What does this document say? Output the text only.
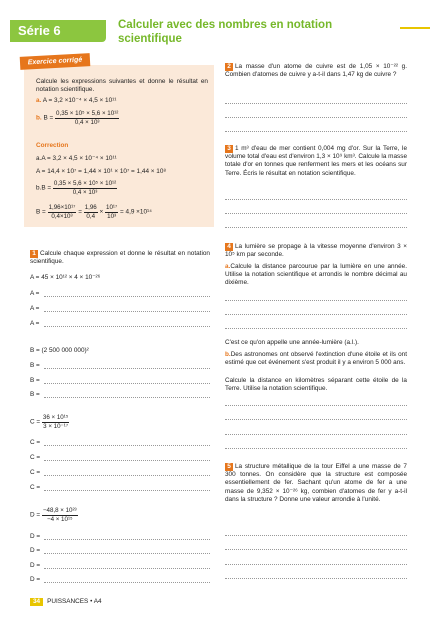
Série 6	Calculer avec des nombres en notation scientifique
Exercice corrigé
Calcule les expressions suivantes et donne le résultat en notation scientifique.
a. A = 3,2 ×10⁻⁴ × 4,5 × 10¹¹
b. $B = \frac{\text{0,35 × 10⁵ × 5,6 × 10¹²}}{\text{0,4 × 10³}}$
Correction
a.A = 3,2 × 4,5 × 10⁻⁴ × 10¹¹
A = 14,4 × 10⁷ = 1,44 × 10¹ × 10⁷ = 1,44 × 10⁸
$b.B = \frac{\text{0,35 × 5,6 × 10⁵ × 10¹²}}{\text{0,4 × 10³}}$
$B = \frac{\text{1,96×10¹⁷}}{\text{0,4×10³}} = \frac{1,96}{0,4} \times \frac{\text{10¹⁷}}{\text{10³}} = 4,9 \times 10^{14}$
1 Calcule chaque expression et donne le résultat en notation scientifique.
A = 45 × 10¹² × 4 × 10⁻²⁶
A =
A =
A =
B = (2 500 000 000)²
B =
B =
B =
$C = \frac{\text{36 × 10¹⁵}}{\text{3 × 10⁻¹⁷}}$
C =
C =
C =
C =
$D = \frac{\text{−48,8 × 10²³}}{\text{−4 × 10¹⁵}}$
D =
D =
D =
D =
2 La masse d'un atome de cuivre est de 1,05 × 10⁻²² g. Combien d'atomes de cuivre y a-t-il dans 1,47 kg de cuivre ?
3 1 m³ d'eau de mer contient 0,004 mg d'or. Sur la Terre, le volume total d'eau est d'environ 1,3 × 10⁹ km³. Calcule la masse totale d'or en tonnes que renferment les mers et les océans sur Terre. Écris le résultat en notation scientifique.
4 La lumière se propage à la vitesse moyenne d'environ 3 × 10⁵ km par seconde.
a.Calcule la distance parcourue par la lumière en une année. Utilise la notation scientifique et arrondis le nombre décimal au dixième.
C'est ce qu'on appelle une année-lumière (a.l.).
b.Des astronomes ont observé l'extinction d'une étoile et ils ont estimé que cet événement s'est produit il y a environ 5 000 ans.
Calcule la distance en kilomètres séparant cette étoile de la Terre. Utilise la notation scientifique.
5 La structure métallique de la tour Eiffel a une masse de 7 300 tonnes. On considère que la structure est composée essentiellement de fer. Sachant qu'un atome de fer a une masse de 9,352 × 10⁻²⁶ kg, combien d'atomes de fer y a-t-il dans la structure ? Donne une valeur arrondie à l'unité.
34 PUISSANCES • A4
